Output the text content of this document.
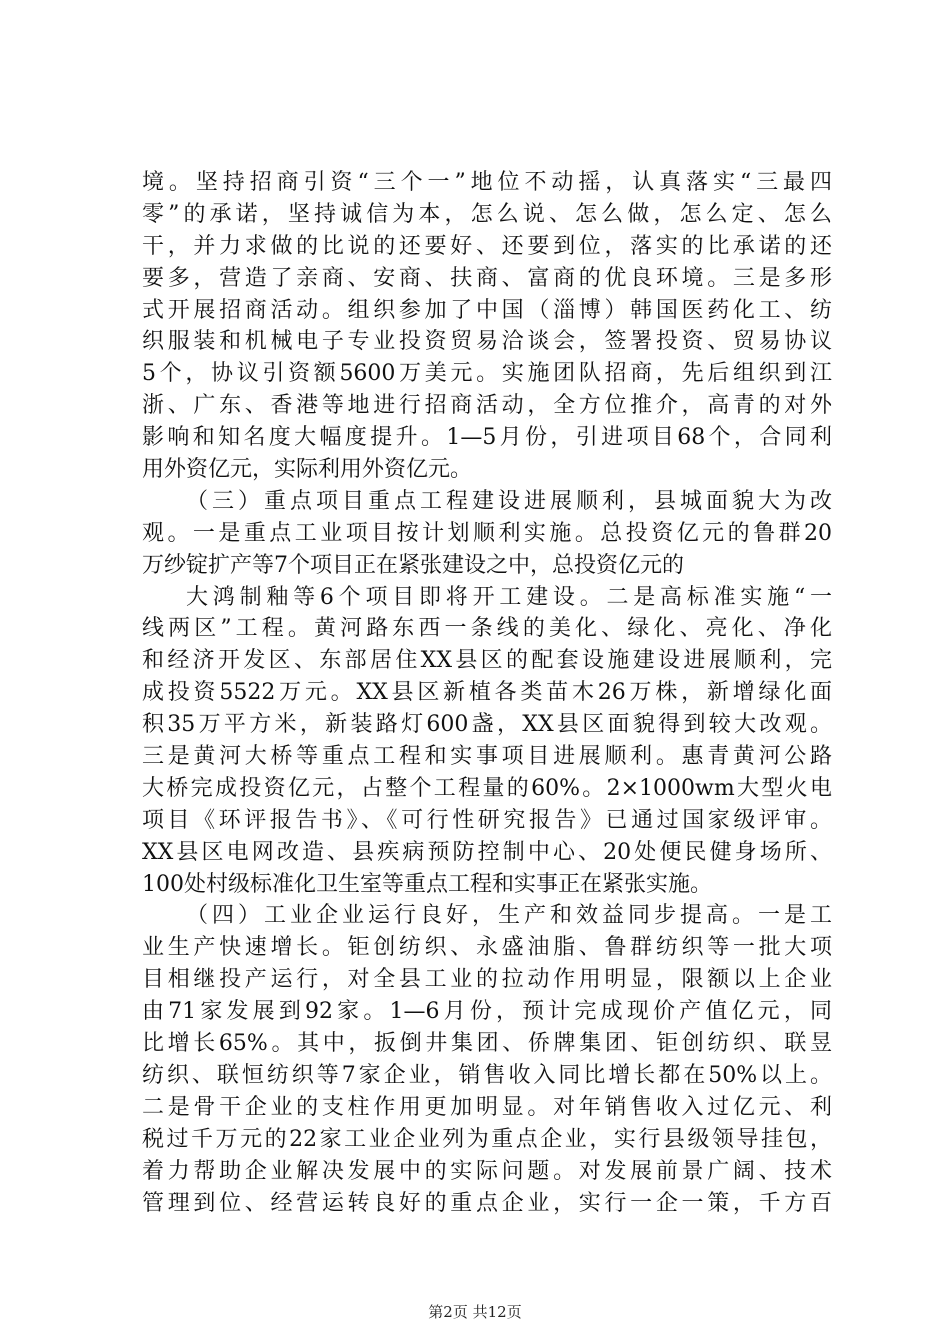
境。坚持招商引资“三个一”地位不动摇，认真落实“三最四
零”的承诺，坚持诚信为本，怎么说、怎么做，怎么定、怎么
干，并力求做的比说的还要好、还要到位，落实的比承诺的还
要多，营造了亲商、安商、扶商、富商的优良环境。三是多形
式开展招商活动。组织参加了中国（淄博）韩国医药化工、纺
织服装和机械电子专业投资贸易洽谈会，签署投资、贸易协议
5个，协议引资额5600万美元。实施团队招商，先后组织到江
浙、广东、香港等地进行招商活动，全方位推介，高青的对外
影响和知名度大幅度提升。1—5月份，引进项目68个，合同利
用外资亿元，实际利用外资亿元。
（三）重点项目重点工程建设进展顺利，县城面貌大为改
观。一是重点工业项目按计划顺利实施。总投资亿元的鲁群20
万纱锭扩产等7个项目正在紧张建设之中，总投资亿元的
大鸿制釉等6个项目即将开工建设。二是高标准实施“一
线两区”工程。黄河路东西一条线的美化、绿化、亮化、净化
和经济开发区、东部居住XX县区的配套设施建设进展顺利，完
成投资5522万元。XX县区新植各类苗木26万株，新增绿化面
积35万平方米，新装路灯600盏，XX县区面貌得到较大改观。
三是黄河大桥等重点工程和实事项目进展顺利。惠青黄河公路
大桥完成投资亿元，占整个工程量的60%。2×1000wm大型火电
项目《环评报告书》、《可行性研究报告》已通过国家级评审。
XX县区电网改造、县疾病预防控制中心、20处便民健身场所、
100处村级标准化卫生室等重点工程和实事正在紧张实施。
（四）工业企业运行良好，生产和效益同步提高。一是工
业生产快速增长。钜创纺织、永盛油脂、鲁群纺织等一批大项
目相继投产运行，对全县工业的拉动作用明显，限额以上企业
由71家发展到92家。1—6月份，预计完成现价产值亿元，同
比增长65%。其中，扳倒井集团、侨牌集团、钜创纺织、联昱
纺织、联恒纺织等7家企业，销售收入同比增长都在50%以上。
二是骨干企业的支柱作用更加明显。对年销售收入过亿元、利
税过千万元的22家工业企业列为重点企业，实行县级领导挂包，
着力帮助企业解决发展中的实际问题。对发展前景广阔、技术
管理到位、经营运转良好的重点企业，实行一企一策，千方百
第2页 共12页
